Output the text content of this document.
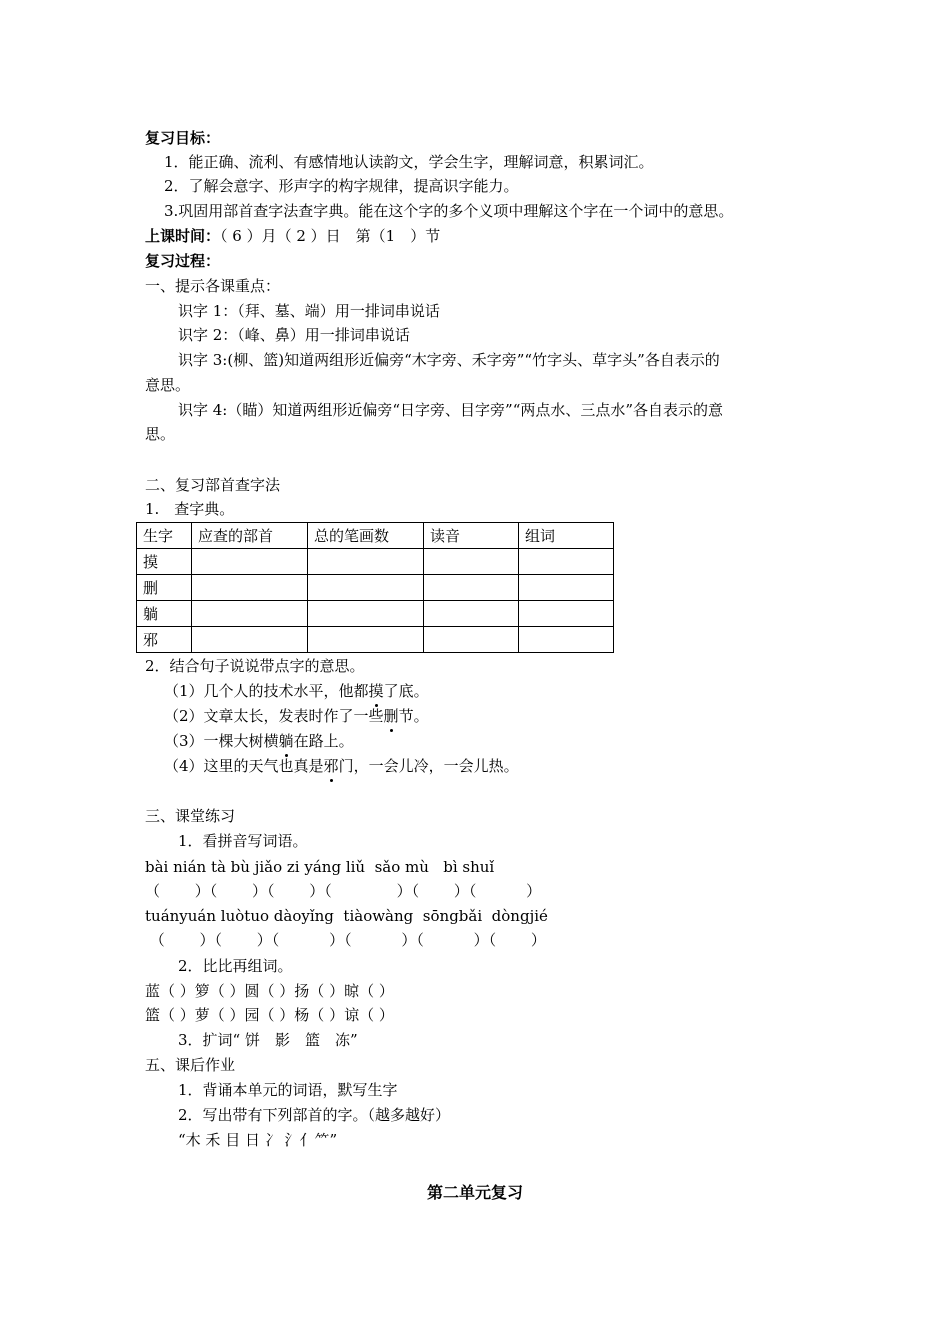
复习目标：
1．能正确、流利、有感情地认读韵文，学会生字，理解词意，积累词汇。
2．了解会意字、形声字的构字规律，提高识字能力。
3.巩固用部首查字法查字典。能在这个字的多个义项中理解这个字在一个词中的意思。
上课时间：（ 6 ）月（ 2 ）日　第（1　）节
复习过程：
一、提示各课重点：
识字 1：（拜、墓、端）用一排词串说话
识字 2：（峰、鼻）用一排词串说话
识字 3:(柳、篮)知道两组形近偏旁“木字旁、禾字旁”“竹字头、草字头”各自表示的
意思。
识字 4:（瞄）知道两组形近偏旁“日字旁、目字旁”“两点水、三点水”各自表示的意
思。
二、复习部首查字法
1.　查字典。
生字	应查的部首	总的笔画数	读音	组词
摸				
删				
躺				
邪				
2．结合句子说说带点字的意思。
（1）几个人的技术水平，他都摸了底。
（2）文章太长，发表时作了一些删节。
（3）一棵大树横躺在路上。
（4）这里的天气也真是邪门，一会儿冷，一会儿热。
三、课堂练习
1．看拼音写词语。
bài nián tà bù jiǎo zi yáng liǔ  sǎo mù   bì shuǐ
（　　 ）（　　 ）（　　 ）（　　　　 ）（　　 ）（　　　 ）
tuányuán luòtuo dàoyǐng  tiàowàng  sōngbǎi  dòngjié
（　　 ）（　　 ）（　　　 ）（　　　 ）（　　　 ）（　　 ）
2．比比再组词。
蓝（ ）箩（ ）圆（ ）扬（ ）晾（ ）
篮（ ）萝（ ）园（ ）杨（ ）谅（ ）
3．扩词“ 饼　影　篮　冻”
五、课后作业
1．背诵本单元的词语，默写生字
2．写出带有下列部首的字。（越多越好）
“木 禾 目 日 冫 氵亻⺮”
第二单元复习
